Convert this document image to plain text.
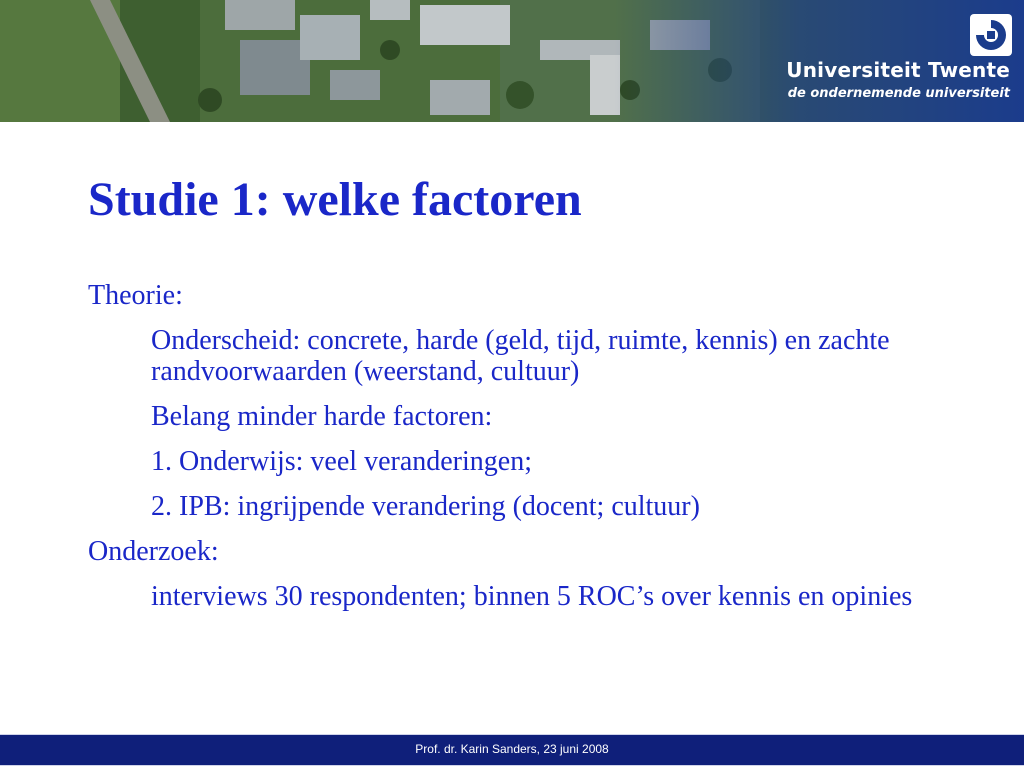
Universiteit Twente
de ondernemende universiteit
Studie 1: welke factoren

Theorie:

Onderscheid: concrete, harde (geld, tijd, ruimte, kennis) en zachte randvoorwaarden (weerstand, cultuur)

Belang minder harde factoren:

1. Onderwijs: veel veranderingen;

2. IPB: ingrijpende verandering (docent; cultuur)

Onderzoek:

interviews 30 respondenten; binnen 5 ROC’s over kennis en opinies

Prof. dr. Karin Sanders, 23 juni 2008
